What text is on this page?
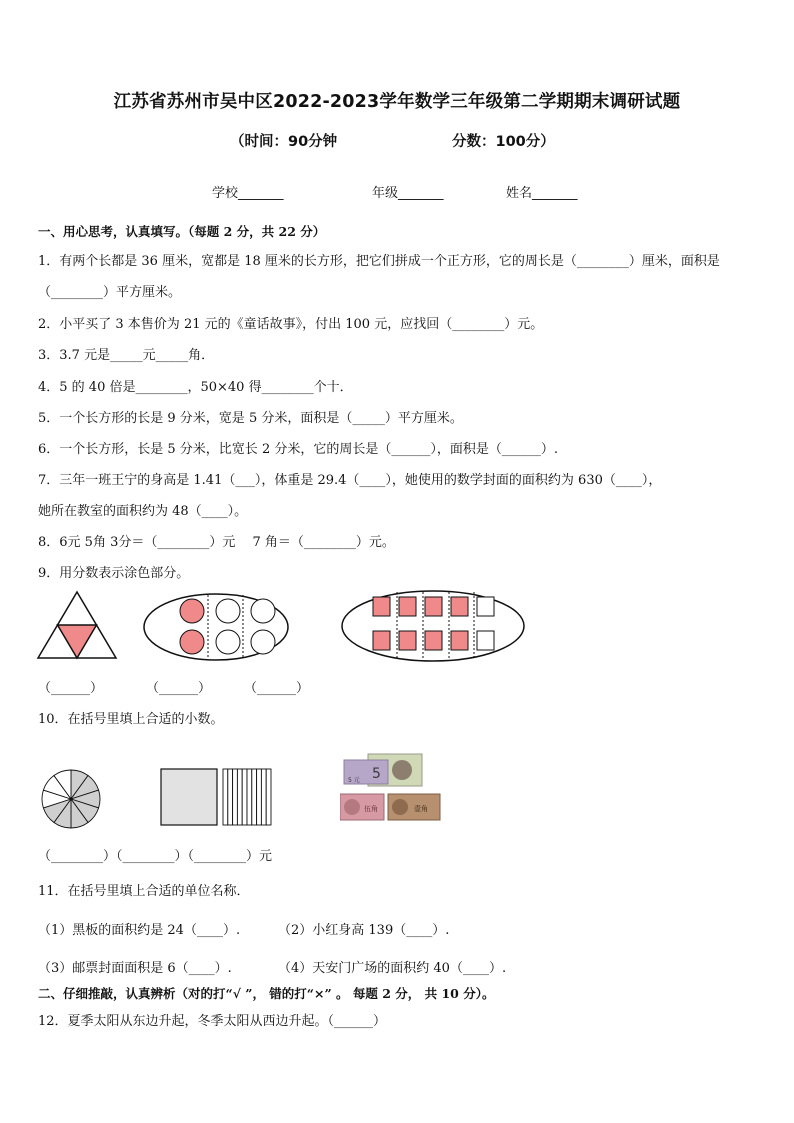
江苏省苏州市吴中区2022-2023学年数学三年级第二学期期末调研试题
（时间：90分钟	分数：100分）
学校_______	年级_______	姓名_______
一、用心思考，认真填写。（每题 2 分，共 22 分）
1．有两个长都是 36 厘米，宽都是 18 厘米的长方形，把它们拼成一个正方形，它的周长是（________）厘米，面积是
（________）平方厘米。
2．小平买了 3 本售价为 21 元的《童话故事》，付出 100 元，应找回（________）元。
3．3.7 元是_____元_____角．
4．5 的 40 倍是________，50×40 得________个十．
5．一个长方形的长是 9 分米，宽是 5 分米，面积是（_____）平方厘米。
6．一个长方形，长是 5 分米，比宽长 2 分米，它的周长是（______），面积是（______）.
7．三年一班王宁的身高是 1.41（___），体重是 29.4（____），她使用的数学封面的面积约为 630（____），
她所在教室的面积约为 48（____）。
8．6元 5角 3分＝（________）元　 7 角＝（________）元。
9．用分数表示涂色部分。
（______）	（______）	（______）
10．在括号里填上合适的小数。
5
5 元
伍角	壹角
（________）（________）（________）元
11．在括号里填上合适的单位名称．
（1）黑板的面积约是 24（____）.	（2）小红身高 139（____）.
（3）邮票封面面积是 6（____）.	（4）天安门广场的面积约 40（____）.
二、仔细推敲，认真辨析（对的打“√ ”， 错的打“×” 。 每题 2 分， 共 10 分）。
12．夏季太阳从东边升起，冬季太阳从西边升起。（______）
